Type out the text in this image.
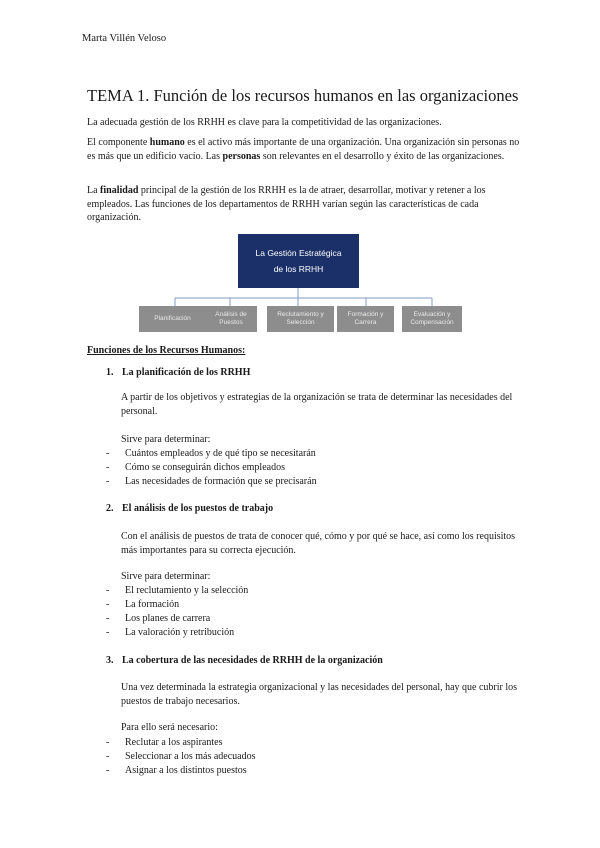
Marta Villén Veloso
TEMA 1. Función de los recursos humanos en las organizaciones
La adecuada gestión de los RRHH es clave para la competitividad de las organizaciones.
El componente humano es el activo más importante de una organización. Una organización sin personas no es más que un edificio vacío. Las personas son relevantes en el desarrollo y éxito de las organizaciones.
La finalidad principal de la gestión de los RRHH es la de atraer, desarrollar, motivar y retener a los empleados. Las funciones de los departamentos de RRHH varían según las características de cada organización.
La Gestión Estratégica
de los RRHH
Planificación
Análisis de Puestos
Reclutamiento y Selección
Formación y Carrera
Evaluación y Compensación
Funciones de los Recursos Humanos:
1. La planificación de los RRHH
A partir de los objetivos y estrategias de la organización se trata de determinar las necesidades del personal.
Sirve para determinar:
- Cuántos empleados y de qué tipo se necesitarán
- Cómo se conseguirán dichos empleados
- Las necesidades de formación que se precisarán
2. El análisis de los puestos de trabajo
Con el análisis de puestos de trata de conocer qué, cómo y por qué se hace, así como los requisitos más importantes para su correcta ejecución.
Sirve para determinar:
- El reclutamiento y la selección
- La formación
- Los planes de carrera
- La valoración y retribución
3. La cobertura de las necesidades de RRHH de la organización
Una vez determinada la estrategia organizacional y las necesidades del personal, hay que cubrir los puestos de trabajo necesarios.
Para ello será necesario:
- Reclutar a los aspirantes
- Seleccionar a los más adecuados
- Asignar a los distintos puestos
